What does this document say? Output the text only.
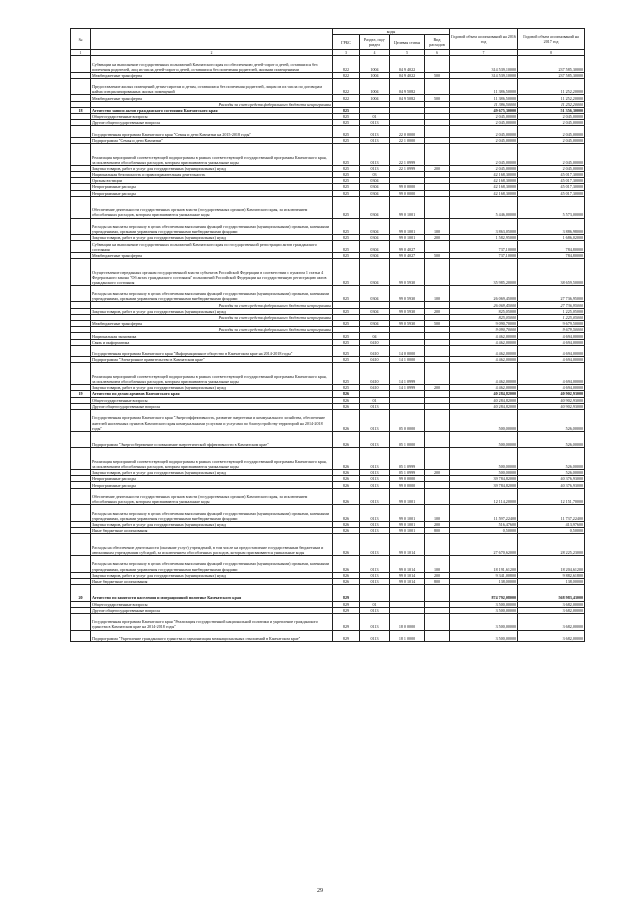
№		коды				Годовой объем ассигнований на 2016 год	Годовой объем ассигнований на 2017 год
		ГРБС	Раздел, под-раздел	Целевая статья	Вид расходов		
1	2	3	4	5	6	7	8
	Субвенции на выполнение государственных полномочий Камчатского края по обеспечению детей-сирот и детей, оставшихся без попечения родителей, лиц из числа детей-сирот и детей, оставшихся без попечения родителей, жилыми помещениями	822	1004	04 9 4022		314 539,10000	237 585,30000
	Межбюджетные трансферты	822	1004	04 9 4022	500	314 539,10000	237 585,30000
	Предоставление жилых помещений детям-сиротам и детям, оставшимся без попечения родителей, лицам из их числа по договорам найма специализированных жилых помещений	822	1004	04 9 5082		11 386,50000	11 252,20000
	Межбюджетные трансферты	822	1004	04 9 5082	500	11 386,50000	11 252,20000
	Расходы за счет средств федерального бюджета неирограммы					11 386,50000	11 252,20000
18	Агентство записи актов гражданского состояния Камчатского края	825				49 675,30000	51 356,30000
	Общегосударственные вопросы	825	01			2 045,00000	2 045,00000
	Другие общегосударственные вопросы	825	0113			2 045,00000	2 045,00000
	Государственная программа Камчатского края "Семья и дети Камчатки на 2015-2018 годы"	825	0113	22 0 0000		2 045,00000	2 045,00000
	Подпрограмма "Семья и дети Камчатки"	825	0113	22 1 0000		2 045,00000	2 045,00000
	Реализация мероприятий соответствующей подпрограммы в рамках соответствующей государственной программы Камчатского края, за исключением обособленных расходов, которым присваиваются уникальные коды	825	0113	22 1 0999		2 045,00000	2 045,00000
	Закупка товаров, работ и услуг для государственных (муниципальных) нужд	825	0113	22 1 0999	200	2 045,00000	2 045,00000
	Национальная безопасность и правоохранительная деятельность	825	03			42 168,30000	45 017,30000
	Органы юстиции	825	0304			42 168,30000	45 017,30000
	Непрограммные расходы	825	0304	99 0 0000		42 168,30000	45 017,30000
	Непрограммные расходы	825	0304	99 0 0000		42 168,30000	45 017,30000
	Обеспечение деятельности государственных органов власти (государственных органов) Камчатского края, за исключением обособленных расходов, которым присваиваются уникальные коды	825	0304	99 0 1001		5 446,00000	5 573,00000
	Расходы на выплаты персоналу в целях обеспечения выполнения функций государственными (муниципальными) органами, казенными учреждениями, органами управления государственными внебюджетными фондами	825	0304	99 0 1001	100	3 863,05000	3 886,98000
	Закупка товаров, работ и услуг для государственных (муниципальных) нужд	825	0304	99 0 1001	200	1 582,95000	1 686,02000
	Субвенции на выполнение государственных полномочий Камчатского края по государственной регистрации актов гражданского состояния	825	0304	99 0 4027		737,10000	784,80000
	Межбюджетные трансферты	825	0304	99 0 4027	500	737,10000	784,80000
	Осуществление переданных органам государственной власти субъектов Российской Федерации в соответствии с пунктом 1 статьи 4 Федерального закона "Об актах гражданского состояния" полномочий Российской Федерации на государственную регистрацию актов гражданского состояния	825	0304	99 0 5930		35 985,20000	38 659,50000
	Расходы на выплаты персоналу в целях обеспечения выполнения функций государственными (муниципальными) органами, казенными учреждениями, органами управления государственными внебюджетными фондами	825	0304	99 0 5930	100	26 069,45000	27 736,95000
	Расходы за счет средств федерального бюджета непрограммы					26 069,45000	27 736,95000
	Закупка товаров, работ и услуг для государственных (муниципальных) нужд	825	0304	99 0 5930	200	825,05000	1 225,05000
	Расходы за счет средств федерального бюджета непрограммы					825,05000	1 225,05000
	Межбюджетные трансферты	825	0304	99 0 5930	500	9 090,70000	9 679,50000
	Расходы за счет средств федерального бюджета непрограммы					9 090,70000	9 679,50000
	Национальная экономика	825	04			4 462,00000	4 694,00000
	Связь и информатика	825	0410			4 462,00000	4 694,00000
	Государственная программа Камчатского края "Информационное общество в Камчатском крае на 2014-2018 годы"	825	0410	14 0 0000		4 462,00000	4 694,00000
	Подпрограмма "Электронное правительство в Камчатском крае"	825	0410	14 1 0000		4 462,00000	4 694,00000
	Реализация мероприятий соответствующей подпрограммы в рамках соответствующей государственной программы Камчатского края, за исключением обособленных расходов, которым присваиваются уникальные коды	825	0410	14 1 0999		4 462,00000	4 694,00000
	Закупка товаров, работ и услуг для государственных (муниципальных) нужд	825	0410	14 1 0999	200	4 462,00000	4 694,00000
19	Агентство по делам архивов Камчатского края	826				40 284,82000	40 902,93000
	Общегосударственные вопросы	826	01			40 284,82000	40 902,93000
	Другие общегосударственные вопросы	826	0113			40 284,82000	40 902,93000
	Государственная программа Камчатского края "Энергоэффективность, развитие энергетики и коммунального хозяйства, обеспечение жителей населенных пунктов Камчатского края коммунальными услугами и услугами по благоустройству территорий на 2014-2018 годы"	826	0113	05 0 0000		500,00000	526,00000
	Подпрограмма "Энергосбережение и повышение энергетической эффективности в Камчатском крае"	826	0113	05 1 0000		500,00000	526,00000
	Реализация мероприятий соответствующей подпрограммы в рамках соответствующей государственной программы Камчатского края, за исключением обособленных расходов, которым присваиваются уникальные коды	826	0113	05 1 0999		500,00000	526,00000
	Закупка товаров, работ и услуг для государственных (муниципальных) нужд	826	0113	05 1 0999	200	500,00000	526,00000
	Непрограммные расходы	826	0113	99 0 0000		39 784,82000	40 376,93000
	Непрограммные расходы	826	0113	99 0 0000		39 784,82000	40 376,93000
	Обеспечение деятельности государственных органов власти (государственных органов) Камчатского края, за исключением обособленных расходов, которым присваиваются уникальные коды	826	0113	99 0 1001		12 114,20000	12 151,70000
	Расходы на выплаты персоналу в целях обеспечения выполнения функций государственными (муниципальными) органами, казенными учреждениями, органами управления государственными внебюджетными фондами	826	0113	99 0 1001	100	11 597,22400	11 737,22400
	Закупка товаров, работ и услуг для государственных (муниципальных) нужд	826	0113	99 0 1001	200	516,47600	413,97600
	Иные бюджетные ассигнования	826	0113	99 0 1001	800	0,50000	0,50000
	Расходы на обеспечение деятельности (оказание услуг) учреждений, в том числе на предоставление государственным бюджетным и автономным учреждениям субсидий, за исключением обособленных расходов, которым присваиваются уникальные коды	826	0113	99 0 1014		27 670,62000	28 225,23000
	Расходы на выплаты персоналу в целях обеспечения выполнения функций государственными (муниципальными) органами, казенными учреждениями, органами управления государственными внебюджетными фондами	826	0113	99 0 1014	100	18 191,61200	18 204,61200
	Закупка товаров, работ и услуг для государственных (муниципальных) нужд	826	0113	99 0 1014	200	9 341,00800	9 882,61800
	Иные бюджетные ассигнования	826	0113	99 0 1014	800	138,00000	138,00000
20	Агентство по занятости населения и миграционной политике Камчатского края	829				874 792,08000	568 983,43000
	Общегосударственные вопросы	829	01			3 500,00000	3 682,00000
	Другие общегосударственные вопросы	829	0113			3 500,00000	3 682,00000
	Государственная программа Камчатского края "Реализация государственной национальной политики и укрепление гражданского единства в Камчатском крае на 2014-2018 годы"	829	0113	18 0 0000		3 500,00000	3 682,00000
	Подпрограмма "Укрепление гражданского единства и гармонизация межнациональных отношений в Камчатском крае"	829	0113	18 1 0000		3 500,00000	3 682,00000
29
